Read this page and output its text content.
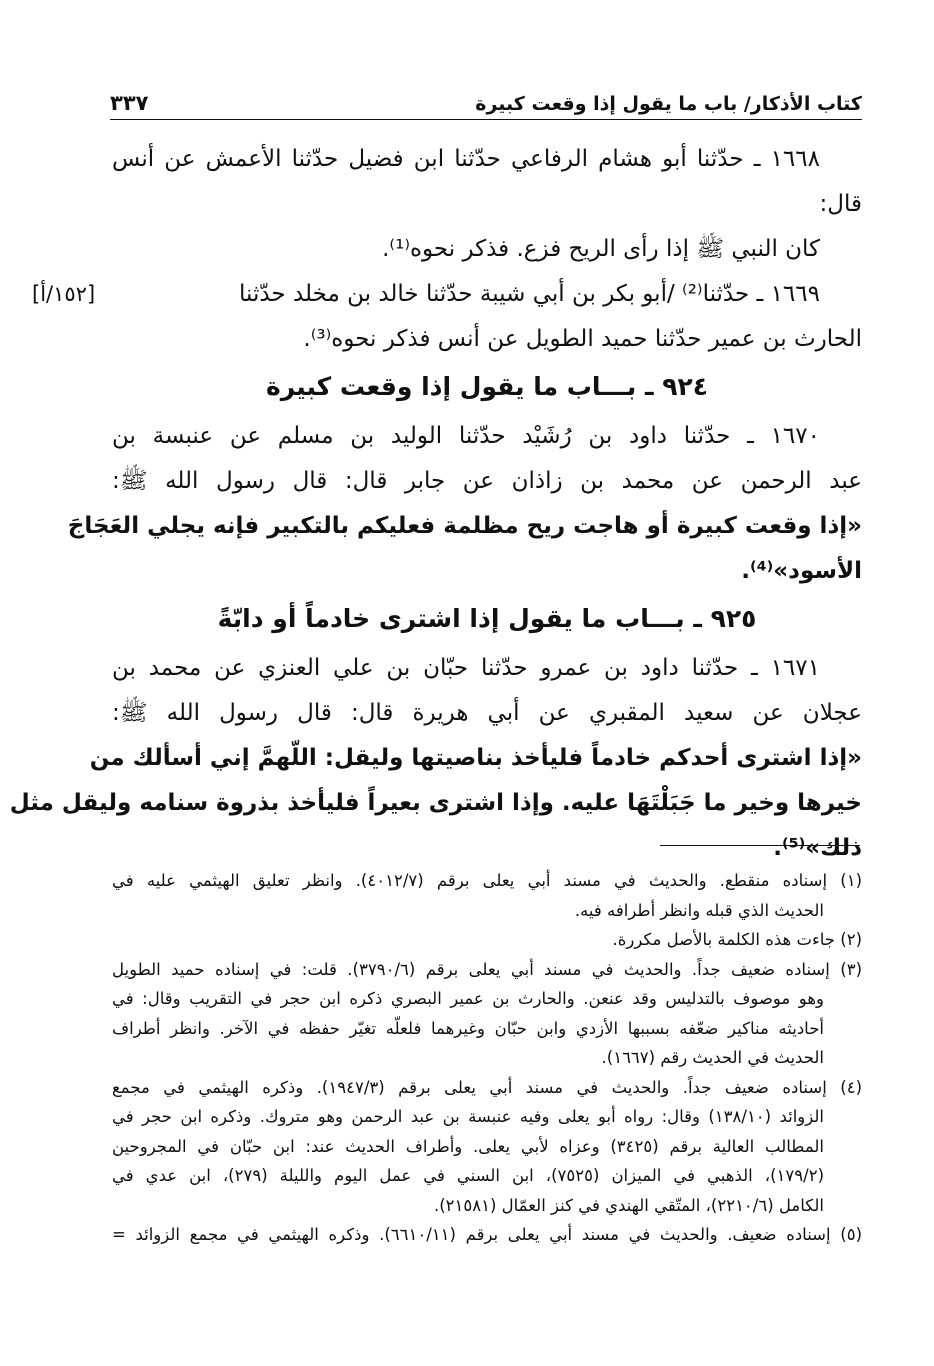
كتاب الأذكار/ باب ما يقول إذا وقعت كبيرة
٣٣٧
١٦٦٨ ـ حدّثنا أبو هشام الرفاعي حدّثنا ابن فضيل حدّثنا الأعمش عن أنس
قال:
كان النبي ﷺ إذا رأى الريح فزع. فذكر نحوه⁽¹⁾.
١٦٦٩ ـ حدّثنا⁽²⁾ /أبو بكر بن أبي شيبة حدّثنا خالد بن مخلد حدّثنا
[١٥٢/أ]
الحارث بن عمير حدّثنا حميد الطويل عن أنس فذكر نحوه⁽³⁾.
٩٢٤ ـ بـــاب ما يقول إذا وقعت كبيرة
١٦٧٠ ـ حدّثنا داود بن رُشَيْد حدّثنا الوليد بن مسلم عن عنبسة بن
عبد الرحمن عن محمد بن زاذان عن جابر قال: قال رسول الله ﷺ:
«إذا وقعت كبيرة أو هاجت ريح مظلمة فعليكم بالتكبير فإنه يجلي العَجَاجَ
الأسود»⁽⁴⁾.
٩٢٥ ـ بـــاب ما يقول إذا اشترى خادماً أو دابّةً
١٦٧١ ـ حدّثنا داود بن عمرو حدّثنا حبّان بن علي العنزي عن محمد بن
عجلان عن سعيد المقبري عن أبي هريرة قال: قال رسول الله ﷺ:
«إذا اشترى أحدكم خادماً فليأخذ بناصيتها وليقل: اللّهمَّ إني أسألك من
خيرها وخير ما جَبَلْتَهَا عليه. وإذا اشترى بعيراً فليأخذ بذروة سنامه وليقل مثل
ذلك»⁽⁵⁾.
(١) إسناده منقطع. والحديث في مسند أبي يعلى برقم (٤٠١٢/٧). وانظر تعليق الهيثمي عليه في
الحديث الذي قبله وانظر أطرافه فيه.
(٢) جاءت هذه الكلمة بالأصل مكررة.
(٣) إسناده ضعيف جداً. والحديث في مسند أبي يعلى برقم (٣٧٩٠/٦). قلت: في إسناده حميد الطويل
وهو موصوف بالتدليس وقد عنعن. والحارث بن عمير البصري ذكره ابن حجر في التقريب وقال: في
أحاديثه مناكير ضعّفه بسببها الأزدي وابن حبّان وغيرهما فلعلّه تغيّر حفظه في الآخر. وانظر أطراف
الحديث في الحديث رقم (١٦٦٧).
(٤) إسناده ضعيف جداً. والحديث في مسند أبي يعلى برقم (١٩٤٧/٣). وذكره الهيثمي في مجمع
الزوائد (١٣٨/١٠) وقال: رواه أبو يعلى وفيه عنبسة بن عبد الرحمن وهو متروك. وذكره ابن حجر في
المطالب العالية برقم (٣٤٢٥) وعزاه لأبي يعلى. وأطراف الحديث عند: ابن حبّان في المجروحين
(١٧٩/٢)، الذهبي في الميزان (٧٥٢٥)، ابن السني في عمل اليوم والليلة (٢٧٩)، ابن عدي في
الكامل (٢٢١٠/٦)، المتّقي الهندي في كنز العمّال (٢١٥٨١).
(٥) إسناده ضعيف. والحديث في مسند أبي يعلى برقم (٦٦١٠/١١). وذكره الهيثمي في مجمع الزوائد =
